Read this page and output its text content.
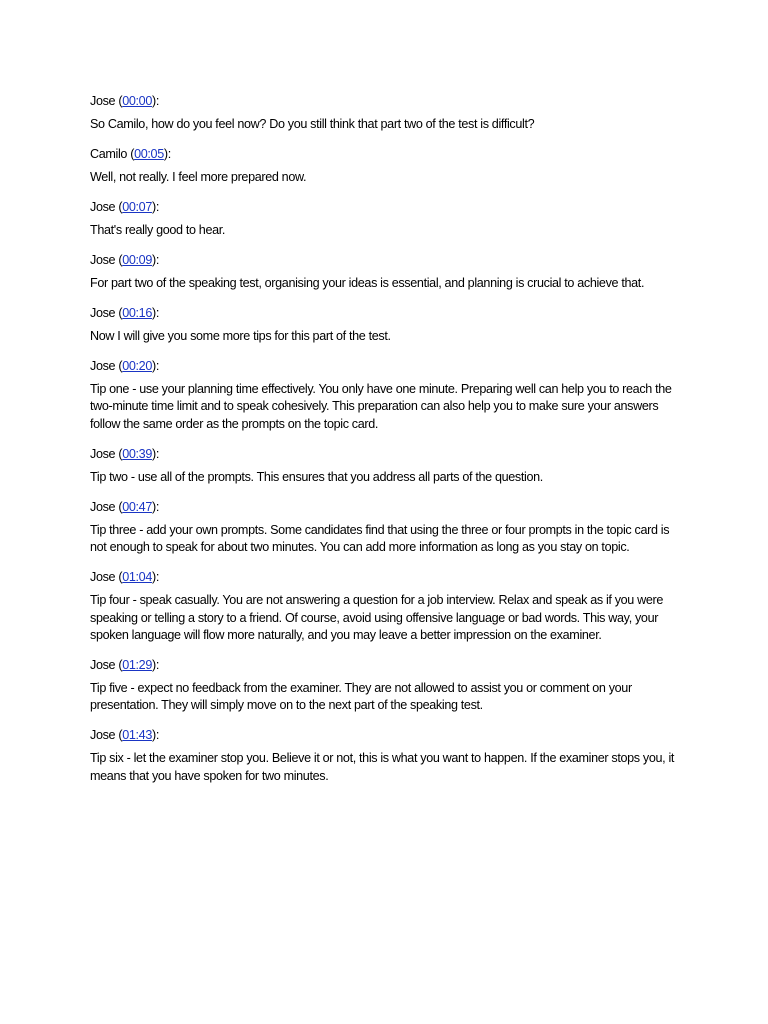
Jose (00:00):

So Camilo, how do you feel now? Do you still think that part two of the test is difficult?

Camilo (00:05):

Well, not really. I feel more prepared now.

Jose (00:07):

That's really good to hear.

Jose (00:09):

For part two of the speaking test, organising your ideas is essential, and planning is crucial to achieve that.

Jose (00:16):

Now I will give you some more tips for this part of the test.

Jose (00:20):

Tip one - use your planning time effectively. You only have one minute. Preparing well can help you to reach the two-minute time limit and to speak cohesively. This preparation can also help you to make sure your answers follow the same order as the prompts on the topic card.

Jose (00:39):

Tip two - use all of the prompts. This ensures that you address all parts of the question.

Jose (00:47):

Tip three - add your own prompts. Some candidates find that using the three or four prompts in the topic card is not enough to speak for about two minutes. You can add more information as long as you stay on topic.

Jose (01:04):

Tip four - speak casually. You are not answering a question for a job interview. Relax and speak as if you were speaking or telling a story to a friend. Of course, avoid using offensive language or bad words. This way, your spoken language will flow more naturally, and you may leave a better impression on the examiner.

Jose (01:29):

Tip five - expect no feedback from the examiner. They are not allowed to assist you or comment on your presentation. They will simply move on to the next part of the speaking test.

Jose (01:43):

Tip six - let the examiner stop you. Believe it or not, this is what you want to happen. If the examiner stops you, it means that you have spoken for two minutes.
